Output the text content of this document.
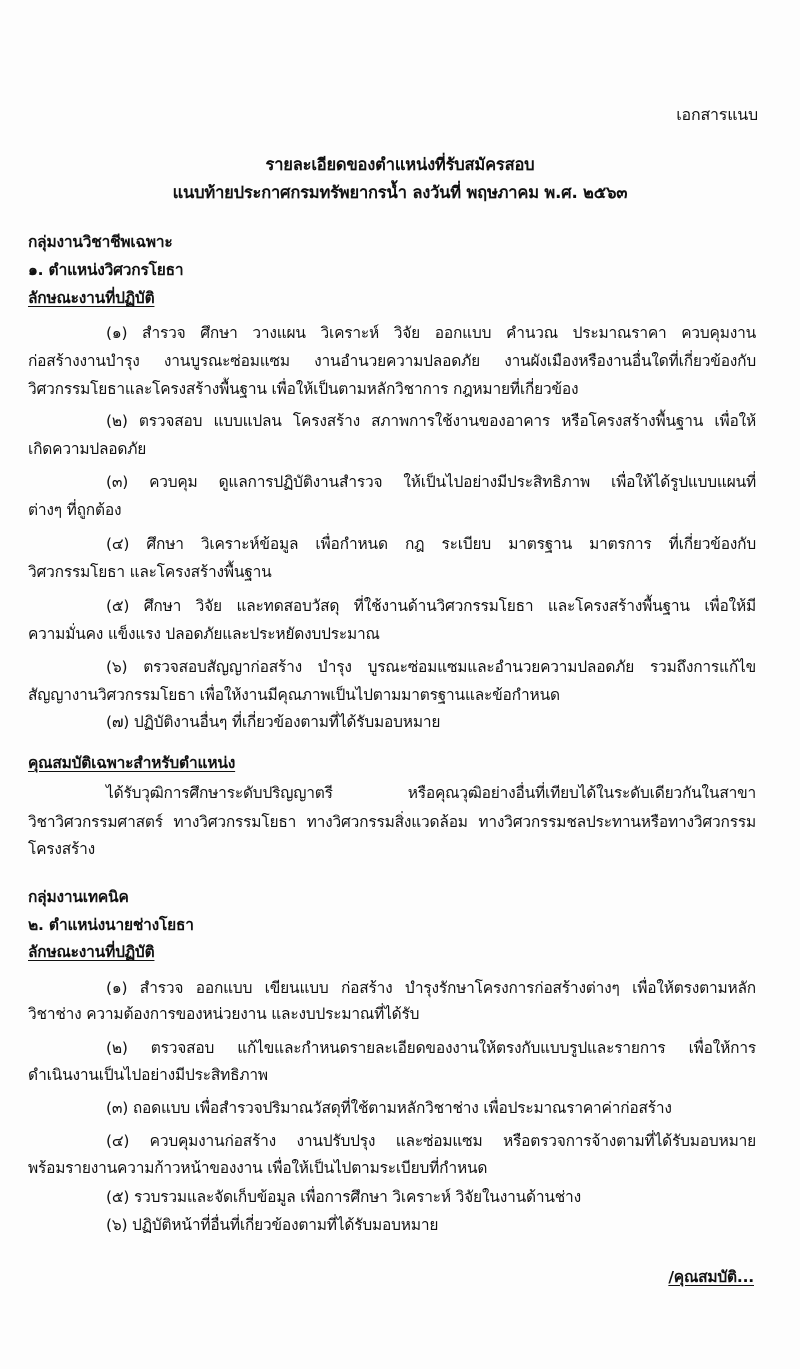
เอกสารแนบ
รายละเอียดของตำแหน่งที่รับสมัครสอบ
แนบท้ายประกาศกรมทรัพยากรน้ำ ลงวันที่ พฤษภาคม พ.ศ. ๒๕๖๓
กลุ่มงานวิชาชีพเฉพาะ
๑. ตำแหน่งวิศวกรโยธา
ลักษณะงานที่ปฏิบัติ
(๑) สำรวจ ศึกษา วางแผน วิเคราะห์ วิจัย ออกแบบ คำนวณ ประมาณราคา ควบคุมงาน
ก่อสร้างงานบำรุง งานบูรณะซ่อมแซม งานอำนวยความปลอดภัย งานผังเมืองหรืองานอื่นใดที่เกี่ยวข้องกับ
วิศวกรรมโยธาและโครงสร้างพื้นฐาน เพื่อให้เป็นตามหลักวิชาการ กฎหมายที่เกี่ยวข้อง
(๒) ตรวจสอบ แบบแปลน โครงสร้าง สภาพการใช้งานของอาคาร หรือโครงสร้างพื้นฐาน เพื่อให้
เกิดความปลอดภัย
(๓) ควบคุม ดูแลการปฏิบัติงานสำรวจ ให้เป็นไปอย่างมีประสิทธิภาพ เพื่อให้ได้รูปแบบแผนที่
ต่างๆ ที่ถูกต้อง
(๔) ศึกษา วิเคราะห์ข้อมูล เพื่อกำหนด กฎ ระเบียบ มาตรฐาน มาตรการ ที่เกี่ยวข้องกับ
วิศวกรรมโยธา และโครงสร้างพื้นฐาน
(๕) ศึกษา วิจัย และทดสอบวัสดุ ที่ใช้งานด้านวิศวกรรมโยธา และโครงสร้างพื้นฐาน เพื่อให้มี
ความมั่นคง แข็งแรง ปลอดภัยและประหยัดงบประมาณ
(๖) ตรวจสอบสัญญาก่อสร้าง บำรุง บูรณะซ่อมแซมและอำนวยความปลอดภัย รวมถึงการแก้ไข
สัญญางานวิศวกรรมโยธา เพื่อให้งานมีคุณภาพเป็นไปตามมาตรฐานและข้อกำหนด
(๗) ปฏิบัติงานอื่นๆ ที่เกี่ยวข้องตามที่ได้รับมอบหมาย
คุณสมบัติเฉพาะสำหรับตำแหน่ง
ได้รับวุฒิการศึกษาระดับปริญญาตรี หรือคุณวุฒิอย่างอื่นที่เทียบได้ในระดับเดียวกันในสาขา
วิชาวิศวกรรมศาสตร์ ทางวิศวกรรมโยธา ทางวิศวกรรมสิ่งแวดล้อม ทางวิศวกรรมชลประทานหรือทางวิศวกรรม
โครงสร้าง
กลุ่มงานเทคนิค
๒. ตำแหน่งนายช่างโยธา
ลักษณะงานที่ปฏิบัติ
(๑) สำรวจ ออกแบบ เขียนแบบ ก่อสร้าง บำรุงรักษาโครงการก่อสร้างต่างๆ เพื่อให้ตรงตามหลัก
วิชาช่าง ความต้องการของหน่วยงาน และงบประมาณที่ได้รับ
(๒) ตรวจสอบ แก้ไขและกำหนดรายละเอียดของงานให้ตรงกับแบบรูปและรายการ เพื่อให้การ
ดำเนินงานเป็นไปอย่างมีประสิทธิภาพ
(๓) ถอดแบบ เพื่อสำรวจปริมาณวัสดุที่ใช้ตามหลักวิชาช่าง เพื่อประมาณราคาค่าก่อสร้าง
(๔) ควบคุมงานก่อสร้าง งานปรับปรุง และซ่อมแซม หรือตรวจการจ้างตามที่ได้รับมอบหมาย
พร้อมรายงานความก้าวหน้าของงาน เพื่อให้เป็นไปตามระเบียบที่กำหนด
(๕) รวบรวมและจัดเก็บข้อมูล เพื่อการศึกษา วิเคราะห์ วิจัยในงานด้านช่าง
(๖) ปฏิบัติหน้าที่อื่นที่เกี่ยวข้องตามที่ได้รับมอบหมาย
/คุณสมบัติ...
